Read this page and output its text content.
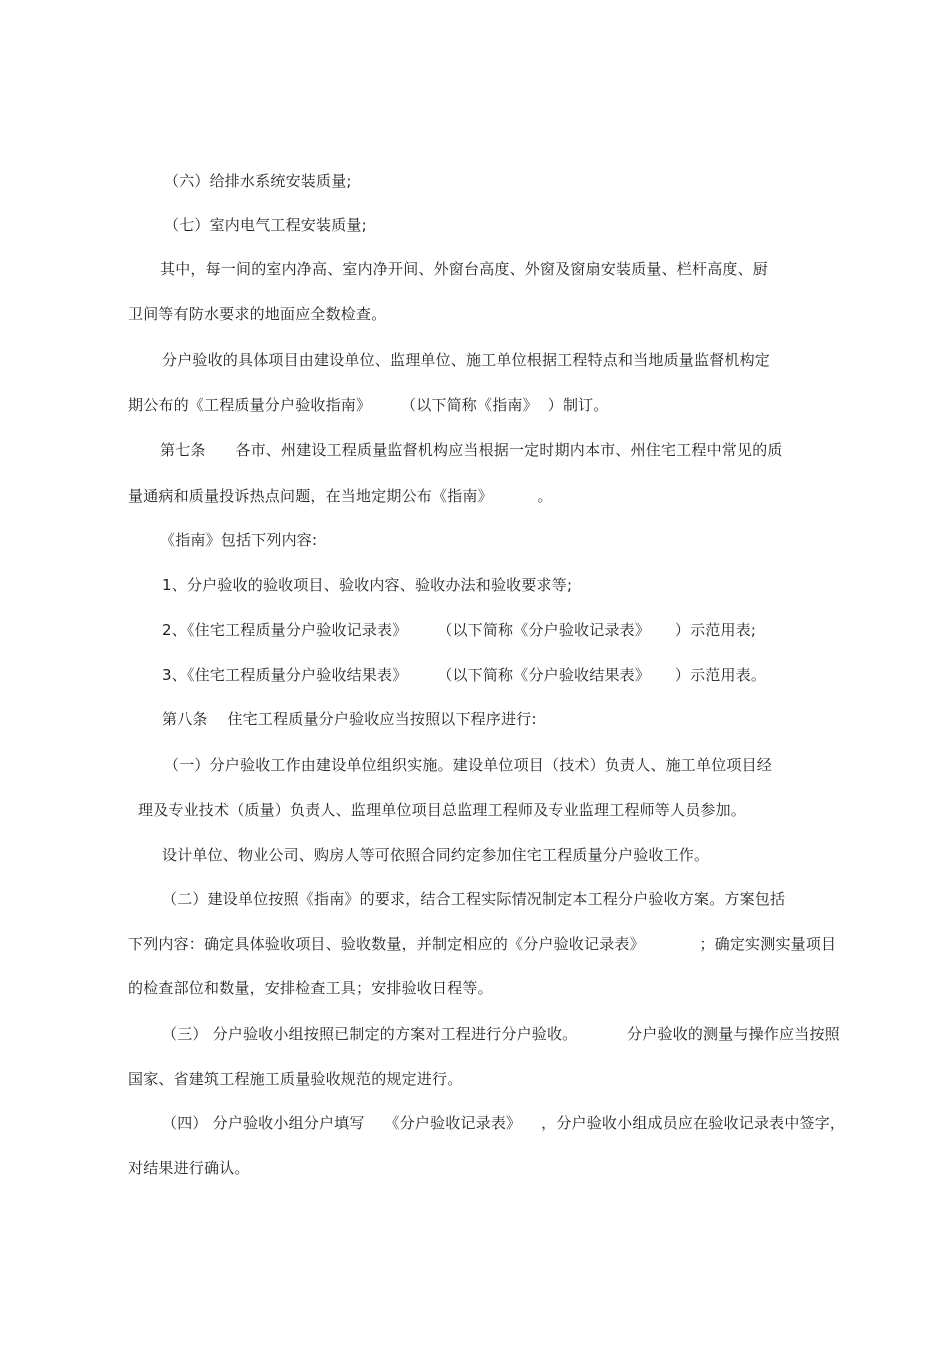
（六）给排水系统安装质量;
（七）室内电气工程安装质量;
其中，每一间的室内净高、室内净开间、外窗台高度、外窗及窗扇安装质量、栏杆高度、厨
卫间等有防水要求的地面应全数检查。
分户验收的具体项目由建设单位、监理单位、施工单位根据工程特点和当地质量监督机构定
期公布的《工程质量分户验收指南》      （以下简称《指南》  ）制订。
第七条      各市、州建设工程质量监督机构应当根据一定时期内本市、州住宅工程中常见的质
量通病和质量投诉热点问题，在当地定期公布《指南》         。
《指南》包括下列内容:
1、分户验收的验收项目、验收内容、验收办法和验收要求等;
2、《住宅工程质量分户验收记录表》      （以下简称《分户验收记录表》     ）示范用表;
3、《住宅工程质量分户验收结果表》      （以下简称《分户验收结果表》     ）示范用表。
第八条    住宅工程质量分户验收应当按照以下程序进行:
（一）分户验收工作由建设单位组织实施。建设单位项目（技术）负责人、施工单位项目经
理及专业技术（质量）负责人、监理单位项目总监理工程师及专业监理工程师等人员参加。
设计单位、物业公司、购房人等可依照合同约定参加住宅工程质量分户验收工作。
（二）建设单位按照《指南》的要求，结合工程实际情况制定本工程分户验收方案。方案包括
下列内容：确定具体验收项目、验收数量，并制定相应的《分户验收记录表》           ；确定实测实量项目
的检查部位和数量，安排检查工具；安排验收日程等。
（三） 分户验收小组按照已制定的方案对工程进行分户验收。          分户验收的测量与操作应当按照
国家、省建筑工程施工质量验收规范的规定进行。
（四） 分户验收小组分户填写    《分户验收记录表》    ，分户验收小组成员应在验收记录表中签字，
对结果进行确认。
